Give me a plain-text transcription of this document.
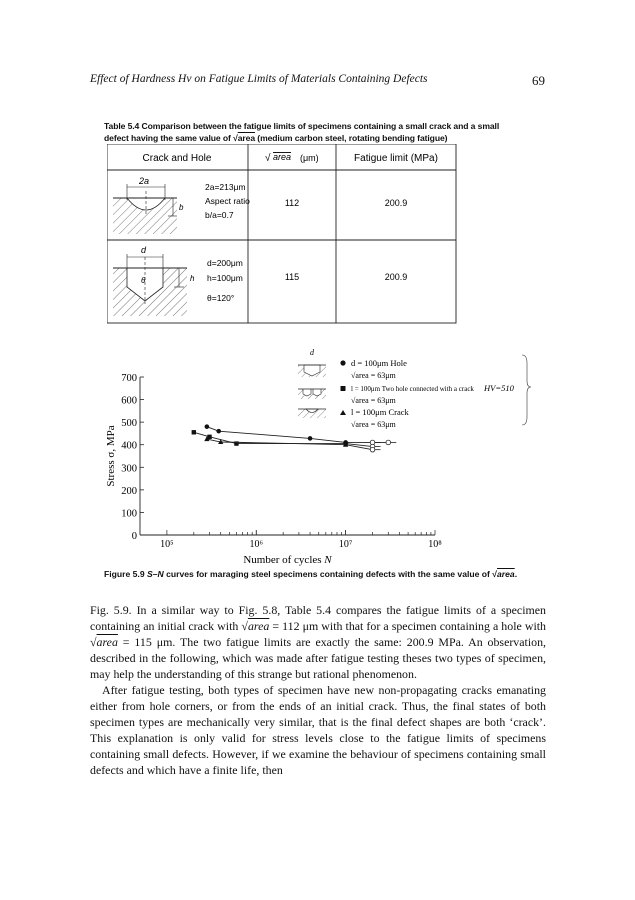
Effect of Hardness Hv on Fatigue Limits of Materials Containing Defects	69
Table 5.4 Comparison between the fatigue limits of specimens containing a small crack and a small
defect having the same value of √area (medium carbon steel, rotating bending fatigue)
Crack and Hole	√ area (μm)	Fatigue limit (MPa)
2a
b
2a=213μm
Aspect ratio
b/a=0.7
112	200.9
d
θ	h
d=200μm
h=100μm
θ=120°
115	200.9
0
100
200
300
400
500
600
700
10⁵	10⁶	10⁷	10⁸
Stress σ, MPa
Number of cycles N
d
d = 100μm Hole
√area = 63μm
l = 100μm Two hole connected with a crack
√area = 63μm
l = 100μm Crack
√area = 63μm
HV=510
Figure 5.9 S–N curves for maraging steel specimens containing defects with the same value of √area.

Fig. 5.9. In a similar way to Fig. 5.8, Table 5.4 compares the fatigue limits of a specimen containing an initial crack with √area = 112 μm with that for a specimen containing a hole with √area = 115 μm. The two fatigue limits are exactly the same: 200.9 MPa. An observation, described in the following, which was made after fatigue testing theses two types of specimen, may help the understanding of this strange but rational phenomenon.

After fatigue testing, both types of specimen have new non-propagating cracks emanating either from hole corners, or from the ends of an initial crack. Thus, the final states of both specimen types are mechanically very similar, that is the final defect shapes are both ‘crack’. This explanation is only valid for stress levels close to the fatigue limits of specimens containing small defects. However, if we examine the behaviour of specimens containing small defects and which have a finite life, then
